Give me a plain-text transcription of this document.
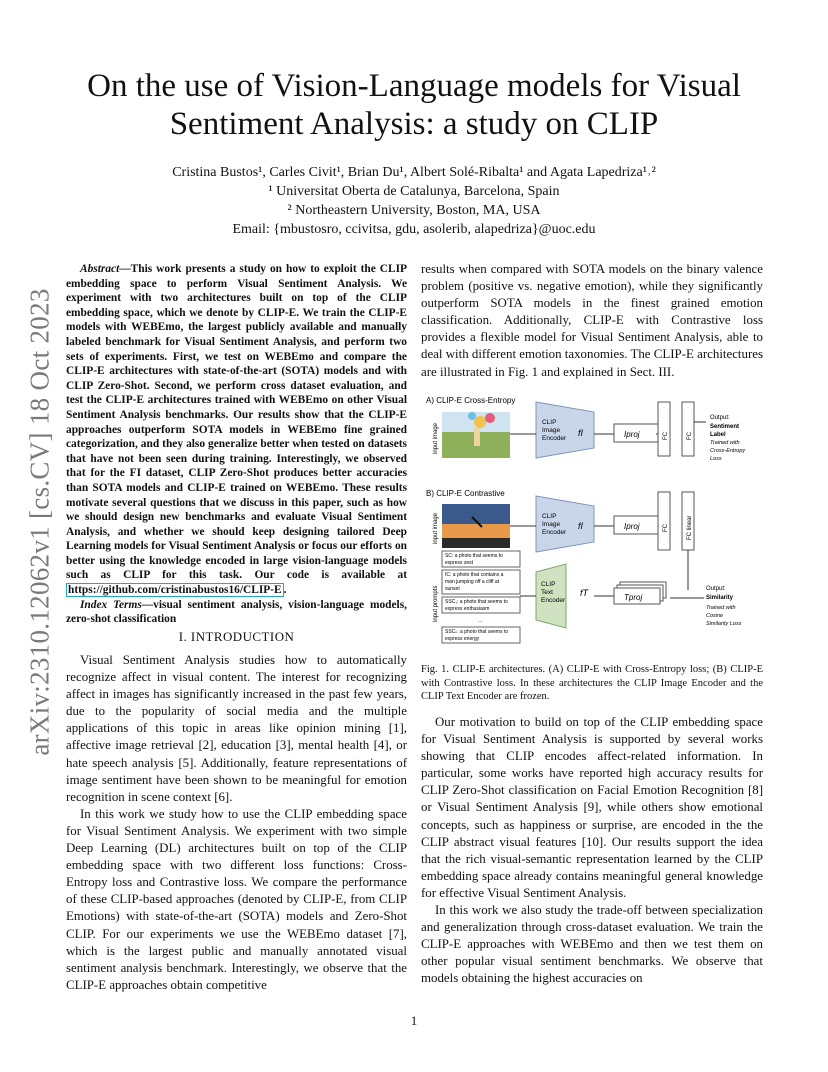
arXiv:2310.12062v1 [cs.CV] 18 Oct 2023
On the use of Vision-Language models for Visual
Sentiment Analysis: a study on CLIP
Cristina Bustos¹, Carles Civit¹, Brian Du¹, Albert Solé-Ribalta¹ and Agata Lapedriza¹˒²
¹ Universitat Oberta de Catalunya, Barcelona, Spain
² Northeastern University, Boston, MA, USA
Email: {mbustosro, ccivitsa, gdu, asolerib, alapedriza}@uoc.edu
Abstract—This work presents a study on how to exploit the CLIP embedding space to perform Visual Sentiment Analysis. We experiment with two architectures built on top of the CLIP embedding space, which we denote by CLIP-E. We train the CLIP-E models with WEBEmo, the largest publicly available and manually labeled benchmark for Visual Sentiment Analysis, and perform two sets of experiments. First, we test on WEBEmo and compare the CLIP-E architectures with state-of-the-art (SOTA) models and with CLIP Zero-Shot. Second, we perform cross dataset evaluation, and test the CLIP-E architectures trained with WEBEmo on other Visual Sentiment Analysis benchmarks. Our results show that the CLIP-E approaches outperform SOTA models in WEBEmo fine grained categorization, and they also generalize better when tested on datasets that have not been seen during training. Interestingly, we observed that for the FI dataset, CLIP Zero-Shot produces better accuracies than SOTA models and CLIP-E trained on WEBEmo. These results motivate several questions that we discuss in this paper, such as how we should design new benchmarks and evaluate Visual Sentiment Analysis, and whether we should keep designing tailored Deep Learning models for Visual Sentiment Analysis or focus our efforts on better using the knowledge encoded in large vision-language models such as CLIP for this task. Our code is available at https://github.com/cristinabustos16/CLIP-E .
Index Terms—visual sentiment analysis, vision-language models, zero-shot classification
I. INTRODUCTION

Visual Sentiment Analysis studies how to automatically recognize affect in visual content. The interest for recognizing affect in images has significantly increased in the past few years, due to the popularity of social media and the multiple applications of this topic in areas like opinion mining [1], affective image retrieval [2], education [3], mental health [4], or hate speech analysis [5]. Additionally, feature representations of image sentiment have been shown to be meaningful for emotion recognition in scene context [6].

In this work we study how to use the CLIP embedding space for Visual Sentiment Analysis. We experiment with two simple Deep Learning (DL) architectures built on top of the CLIP embedding space with two different loss functions: Cross-Entropy loss and Contrastive loss. We compare the performance of these CLIP-based approaches (denoted by CLIP-E, from CLIP Emotions) with state-of-the-art (SOTA) models and Zero-Shot CLIP. For our experiments we use the WEBEmo dataset [7], which is the largest public and manually annotated visual sentiment analysis benchmark. Interestingly, we observe that the CLIP-E approaches obtain competitive

results when compared with SOTA models on the binary valence problem (positive vs. negative emotion), while they significantly outperform SOTA models in the finest grained emotion classification. Additionally, CLIP-E with Contrastive loss provides a flexible model for Visual Sentiment Analysis, able to deal with different emotion taxonomies. The CLIP-E architectures are illustrated in Fig. 1 and explained in Sect. III.

A) CLIP-E Cross-Entropy
input image
CLIP
Image
Encoder
fI	Iproj	FC	FC
Output:
Sentiment
Label
Trained with
Cross-Entropy
Loss
B) CLIP-E Contrastive
input image	CLIP
Image
Encoder
fI	Iproj	FC	FC linear
input prompts
SC: a photo that seems to
express zest
IC: a photo that contains a
man jumping off a cliff at
sunset
SSC₁: a photo that seems to
express enthusiasm
...
SSCₙ: a photo that seems to
express energy
CLIP
Text
Encoder
fT	Tproj
Output:
Similarity
Trained with
Cosine
Similarity Loss
Fig. 1. CLIP-E architectures. (A) CLIP-E with Cross-Entropy loss; (B) CLIP-E with Contrastive loss. In these architectures the CLIP Image Encoder and the CLIP Text Encoder are frozen.

Our motivation to build on top of the CLIP embedding space for Visual Sentiment Analysis is supported by several works showing that CLIP encodes affect-related information. In particular, some works have reported high accuracy results for CLIP Zero-Shot classification on Facial Emotion Recognition [8] or Visual Sentiment Analysis [9], while others show emotional concepts, such as happiness or surprise, are encoded in the the CLIP abstract visual features [10]. Our results support the idea that the rich visual-semantic representation learned by the CLIP embedding space already contains meaningful general knowledge for effective Visual Sentiment Analysis.

In this work we also study the trade-off between specialization and generalization through cross-dataset evaluation. We train the CLIP-E approaches with WEBEmo and then we test them on other popular visual sentiment benchmarks. We observe that models obtaining the highest accuracies on

1
